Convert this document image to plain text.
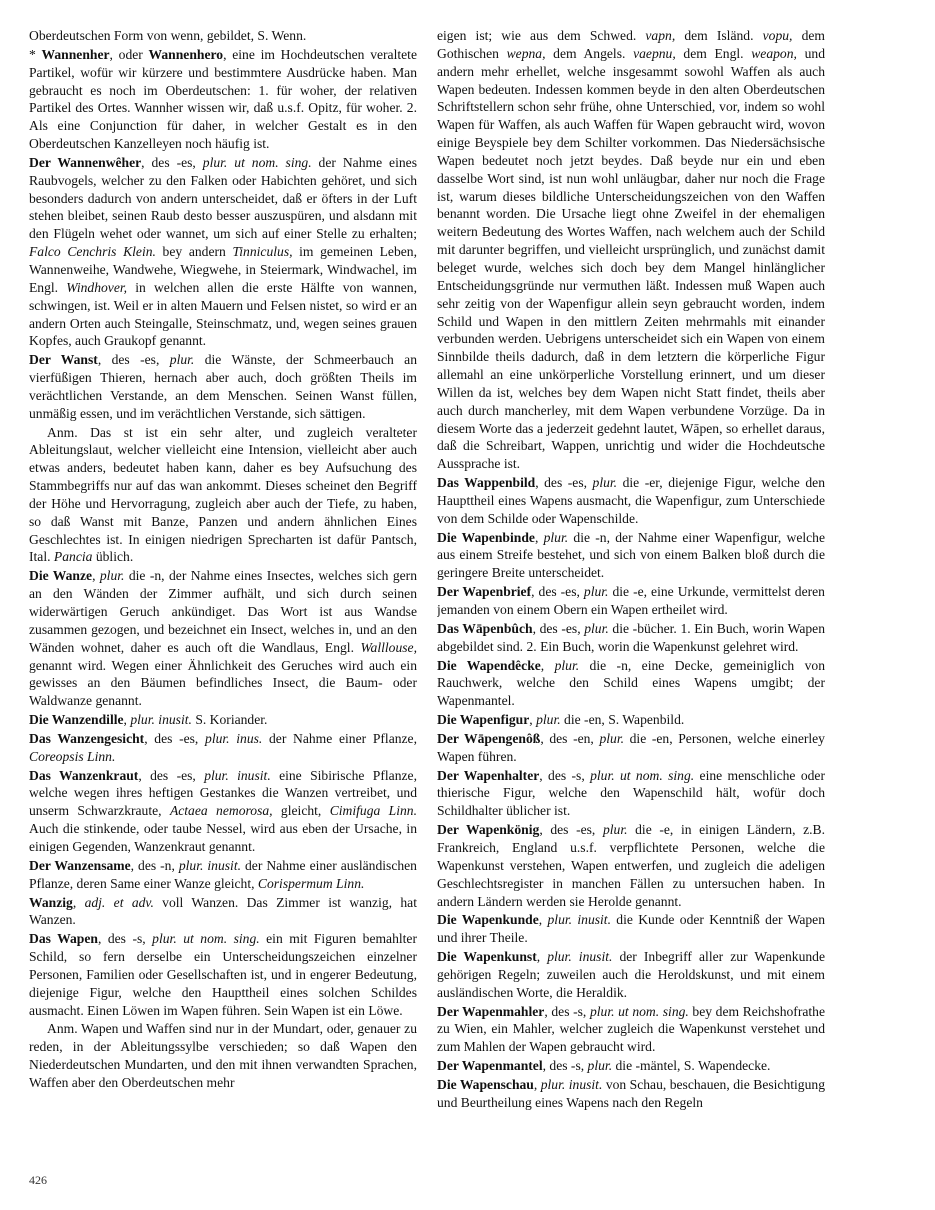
Oberdeutschen Form von wenn, gebildet, S. Wenn.

* Wannenher, oder Wannenhero, eine im Hochdeutschen veraltete Partikel, wofür wir kürzere und bestimmtere Ausdrücke haben. Man gebraucht es noch im Oberdeutschen: 1. für woher, der relativen Partikel des Ortes. Wannher wissen wir, daß u.s.f. Opitz, für woher. 2. Als eine Conjunction für daher, in welcher Gestalt es in den Oberdeutschen Kanzelleyen noch häufig ist.

Der Wannenwêher, des -es, plur. ut nom. sing. der Nahme eines Raubvogels, welcher zu den Falken oder Habichten gehöret, und sich besonders dadurch von andern unterscheidet, daß er öfters in der Luft stehen bleibet, seinen Raub desto besser auszuspüren, und alsdann mit den Flügeln wehet oder wannet, um sich auf einer Stelle zu erhalten; Falco Cenchris Klein. bey andern Tinniculus, im gemeinen Leben, Wannenweihe, Wandwehe, Wiegwehe, in Steiermark, Windwachel, im Engl. Windhover, in welchen allen die erste Hälfte von wannen, schwingen, ist. Weil er in alten Mauern und Felsen nistet, so wird er an andern Orten auch Steingalle, Steinschmatz, und, wegen seines grauen Kopfes, auch Graukopf genannt.

Der Wanst, des -es, plur. die Wänste, der Schmeerbauch an vierfüßigen Thieren, hernach aber auch, doch größten Theils im verächtlichen Verstande, an dem Menschen. Seinen Wanst füllen, unmäßig essen, und im verächtlichen Verstande, sich sättigen.

Anm. Das st ist ein sehr alter, und zugleich veralteter Ableitungslaut, welcher vielleicht eine Intension, vielleicht aber auch etwas anders, bedeutet haben kann, daher es bey Aufsuchung des Stammbegriffs nur auf das wan ankommt. Dieses scheinet den Begriff der Höhe und Hervorragung, zugleich aber auch der Tiefe, zu haben, so daß Wanst mit Banze, Panzen und andern ähnlichen Eines Geschlechtes ist. In einigen niedrigen Sprecharten ist dafür Pantsch, Ital. Pancia üblich.

Die Wanze, plur. die -n, der Nahme eines Insectes, welches sich gern an den Wänden der Zimmer aufhält, und sich durch seinen widerwärtigen Geruch ankündiget. Das Wort ist aus Wandse zusammen gezogen, und bezeichnet ein Insect, welches in, und an den Wänden wohnet, daher es auch oft die Wandlaus, Engl. Walllouse, genannt wird. Wegen einer Ähnlichkeit des Geruches wird auch ein gewisses an den Bäumen befindliches Insect, die Baum- oder Waldwanze genannt.

Die Wanzendille, plur. inusit. S. Koriander.

Das Wanzengesicht, des -es, plur. inus. der Nahme einer Pflanze, Coreopsis Linn.

Das Wanzenkraut, des -es, plur. inusit. eine Sibirische Pflanze, welche wegen ihres heftigen Gestankes die Wanzen vertreibet, und unserm Schwarzkraute, Actaea nemorosa, gleicht, Cimifuga Linn. Auch die stinkende, oder taube Nessel, wird aus eben der Ursache, in einigen Gegenden, Wanzenkraut genannt.

Der Wanzensame, des -n, plur. inusit. der Nahme einer ausländischen Pflanze, deren Same einer Wanze gleicht, Corispermum Linn.

Wanzig, adj. et adv. voll Wanzen. Das Zimmer ist wanzig, hat Wanzen.

Das Wapen, des -s, plur. ut nom. sing. ein mit Figuren bemahlter Schild, so fern derselbe ein Unterscheidungszeichen einzelner Personen, Familien oder Gesellschaften ist, und in engerer Bedeutung, diejenige Figur, welche den Haupttheil eines solchen Schildes ausmacht. Einen Löwen im Wapen führen. Sein Wapen ist ein Löwe.

Anm. Wapen und Waffen sind nur in der Mundart, oder, genauer zu reden, in der Ableitungssylbe verschieden; so daß Wapen den Niederdeutschen Mundarten, und den mit ihnen verwandten Sprachen, Waffen aber den Oberdeutschen mehr

eigen ist; wie aus dem Schwed. vapn, dem Isländ. vopu, dem Gothischen wepna, dem Angels. vaepnu, dem Engl. weapon, und andern mehr erhellet, welche insgesammt sowohl Waffen als auch Wapen bedeuten. Indessen kommen beyde in den alten Oberdeutschen Schriftstellern schon sehr frühe, ohne Unterschied, vor, indem so wohl Wapen für Waffen, als auch Waffen für Wapen gebraucht wird, wovon einige Beyspiele bey dem Schilter vorkommen. Das Niedersächsische Wapen bedeutet noch jetzt beydes. Daß beyde nur ein und eben dasselbe Wort sind, ist nun wohl unläugbar, daher nur noch die Frage ist, warum dieses bildliche Unterscheidungszeichen von den Waffen benannt worden. Die Ursache liegt ohne Zweifel in der ehemaligen weitern Bedeutung des Wortes Waffen, nach welchem auch der Schild mit darunter begriffen, und vielleicht ursprünglich, und zunächst damit beleget wurde, welches sich doch bey dem Mangel hinlänglicher Entscheidungsgründe nur vermuthen läßt. Indessen muß Wapen auch sehr zeitig von der Wapenfigur allein seyn gebraucht worden, indem Schild und Wapen in den mittlern Zeiten mehrmahls mit einander verbunden werden. Uebrigens unterscheidet sich ein Wapen von einem Sinnbilde theils dadurch, daß in dem letztern die körperliche Figur allemahl an eine unkörperliche Vorstellung erinnert, und um dieser Willen da ist, welches bey dem Wapen nicht Statt findet, theils aber auch durch mancherley, mit dem Wapen verbundene Vorzüge. Da in diesem Worte das a jederzeit gedehnt lautet, Wāpen, so erhellet daraus, daß die Schreibart, Wappen, unrichtig und wider die Hochdeutsche Aussprache ist.

Das Wappenbild, des -es, plur. die -er, diejenige Figur, welche den Haupttheil eines Wapens ausmacht, die Wapenfigur, zum Unterschiede von dem Schilde oder Wapenschilde.

Die Wapenbinde, plur. die -n, der Nahme einer Wapenfigur, welche aus einem Streife bestehet, und sich von einem Balken bloß durch die geringere Breite unterscheidet.

Der Wapenbrief, des -es, plur. die -e, eine Urkunde, vermittelst deren jemanden von einem Obern ein Wapen ertheilet wird.

Das Wāpenbûch, des -es, plur. die -bücher. 1. Ein Buch, worin Wapen abgebildet sind. 2. Ein Buch, worin die Wapenkunst gelehret wird.

Die Wapendêcke, plur. die -n, eine Decke, gemeiniglich von Rauchwerk, welche den Schild eines Wapens umgibt; der Wapenmantel.

Die Wapenfigur, plur. die -en, S. Wapenbild.

Der Wāpengenôß, des -en, plur. die -en, Personen, welche einerley Wapen führen.

Der Wapenhalter, des -s, plur. ut nom. sing. eine menschliche oder thierische Figur, welche den Wapenschild hält, wofür doch Schildhalter üblicher ist.

Der Wapenkönig, des -es, plur. die -e, in einigen Ländern, z.B. Frankreich, England u.s.f. verpflichtete Personen, welche die Wapenkunst verstehen, Wapen entwerfen, und zugleich die adeligen Geschlechtsregister in manchen Fällen zu untersuchen haben. In andern Ländern werden sie Herolde genannt.

Die Wapenkunde, plur. inusit. die Kunde oder Kenntniß der Wapen und ihrer Theile.

Die Wapenkunst, plur. inusit. der Inbegriff aller zur Wapenkunde gehörigen Regeln; zuweilen auch die Heroldskunst, und mit einem ausländischen Worte, die Heraldik.

Der Wapenmahler, des -s, plur. ut nom. sing. bey dem Reichshofrathe zu Wien, ein Mahler, welcher zugleich die Wapenkunst verstehet und zum Mahlen der Wapen gebraucht wird.

Der Wapenmantel, des -s, plur. die -mäntel, S. Wapendecke.

Die Wapenschau, plur. inusit. von Schau, beschauen, die Besichtigung und Beurtheilung eines Wapens nach den Regeln

426
